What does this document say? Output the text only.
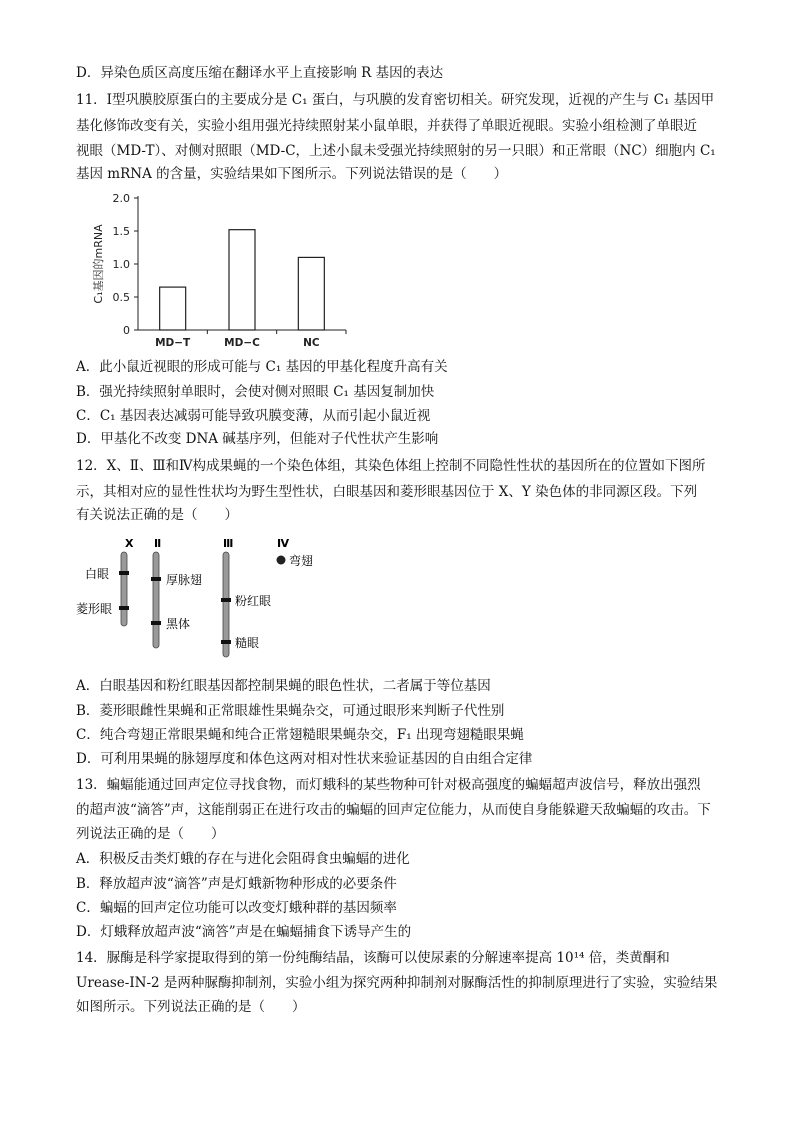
D．异染色质区高度压缩在翻译水平上直接影响 R 基因的表达
11．Ⅰ型巩膜胶原蛋白的主要成分是 C₁ 蛋白，与巩膜的发育密切相关。研究发现，近视的产生与 C₁ 基因甲
基化修饰改变有关，实验小组用强光持续照射某小鼠单眼，并获得了单眼近视眼。实验小组检测了单眼近
视眼（MD-T）、对侧对照眼（MD-C，上述小鼠未受强光持续照射的另一只眼）和正常眼（NC）细胞内 C₁
基因 mRNA 的含量，实验结果如下图所示。下列说法错误的是（　　）
0
0.5
1.0
1.5
2.0
C₁基因的mRNA
MD−T	MD−C	NC
A．此小鼠近视眼的形成可能与 C₁ 基因的甲基化程度升高有关
B．强光持续照射单眼时，会使对侧对照眼 C₁ 基因复制加快
C．C₁ 基因表达减弱可能导致巩膜变薄，从而引起小鼠近视
D．甲基化不改变 DNA 碱基序列，但能对子代性状产生影响
12．X、Ⅱ、Ⅲ和Ⅳ构成果蝇的一个染色体组，其染色体组上控制不同隐性性状的基因所在的位置如下图所
示，其相对应的显性性状均为野生型性状，白眼基因和菱形眼基因位于 X、Y 染色体的非同源区段。下列
有关说法正确的是（　　）
X
白眼
菱形眼
Ⅱ
厚脉翅
黑体
Ⅲ
粉红眼
糙眼
Ⅳ
弯翅
A．白眼基因和粉红眼基因都控制果蝇的眼色性状，二者属于等位基因
B．菱形眼雌性果蝇和正常眼雄性果蝇杂交，可通过眼形来判断子代性别
C．纯合弯翅正常眼果蝇和纯合正常翅糙眼果蝇杂交，F₁ 出现弯翅糙眼果蝇
D．可利用果蝇的脉翅厚度和体色这两对相对性状来验证基因的自由组合定律
13．蝙蝠能通过回声定位寻找食物，而灯蛾科的某些物种可针对极高强度的蝙蝠超声波信号，释放出强烈
的超声波“滴答”声，这能削弱正在进行攻击的蝙蝠的回声定位能力，从而使自身能躲避天敌蝙蝠的攻击。下
列说法正确的是（　　）
A．积极反击类灯蛾的存在与进化会阻碍食虫蝙蝠的进化
B．释放超声波“滴答”声是灯蛾新物种形成的必要条件
C．蝙蝠的回声定位功能可以改变灯蛾种群的基因频率
D．灯蛾释放超声波“滴答”声是在蝙蝠捕食下诱导产生的
14．脲酶是科学家提取得到的第一份纯酶结晶，该酶可以使尿素的分解速率提高 10¹⁴ 倍，类黄酮和
Urease-IN-2 是两种脲酶抑制剂，实验小组为探究两种抑制剂对脲酶活性的抑制原理进行了实验，实验结果
如图所示。下列说法正确的是（　　）
